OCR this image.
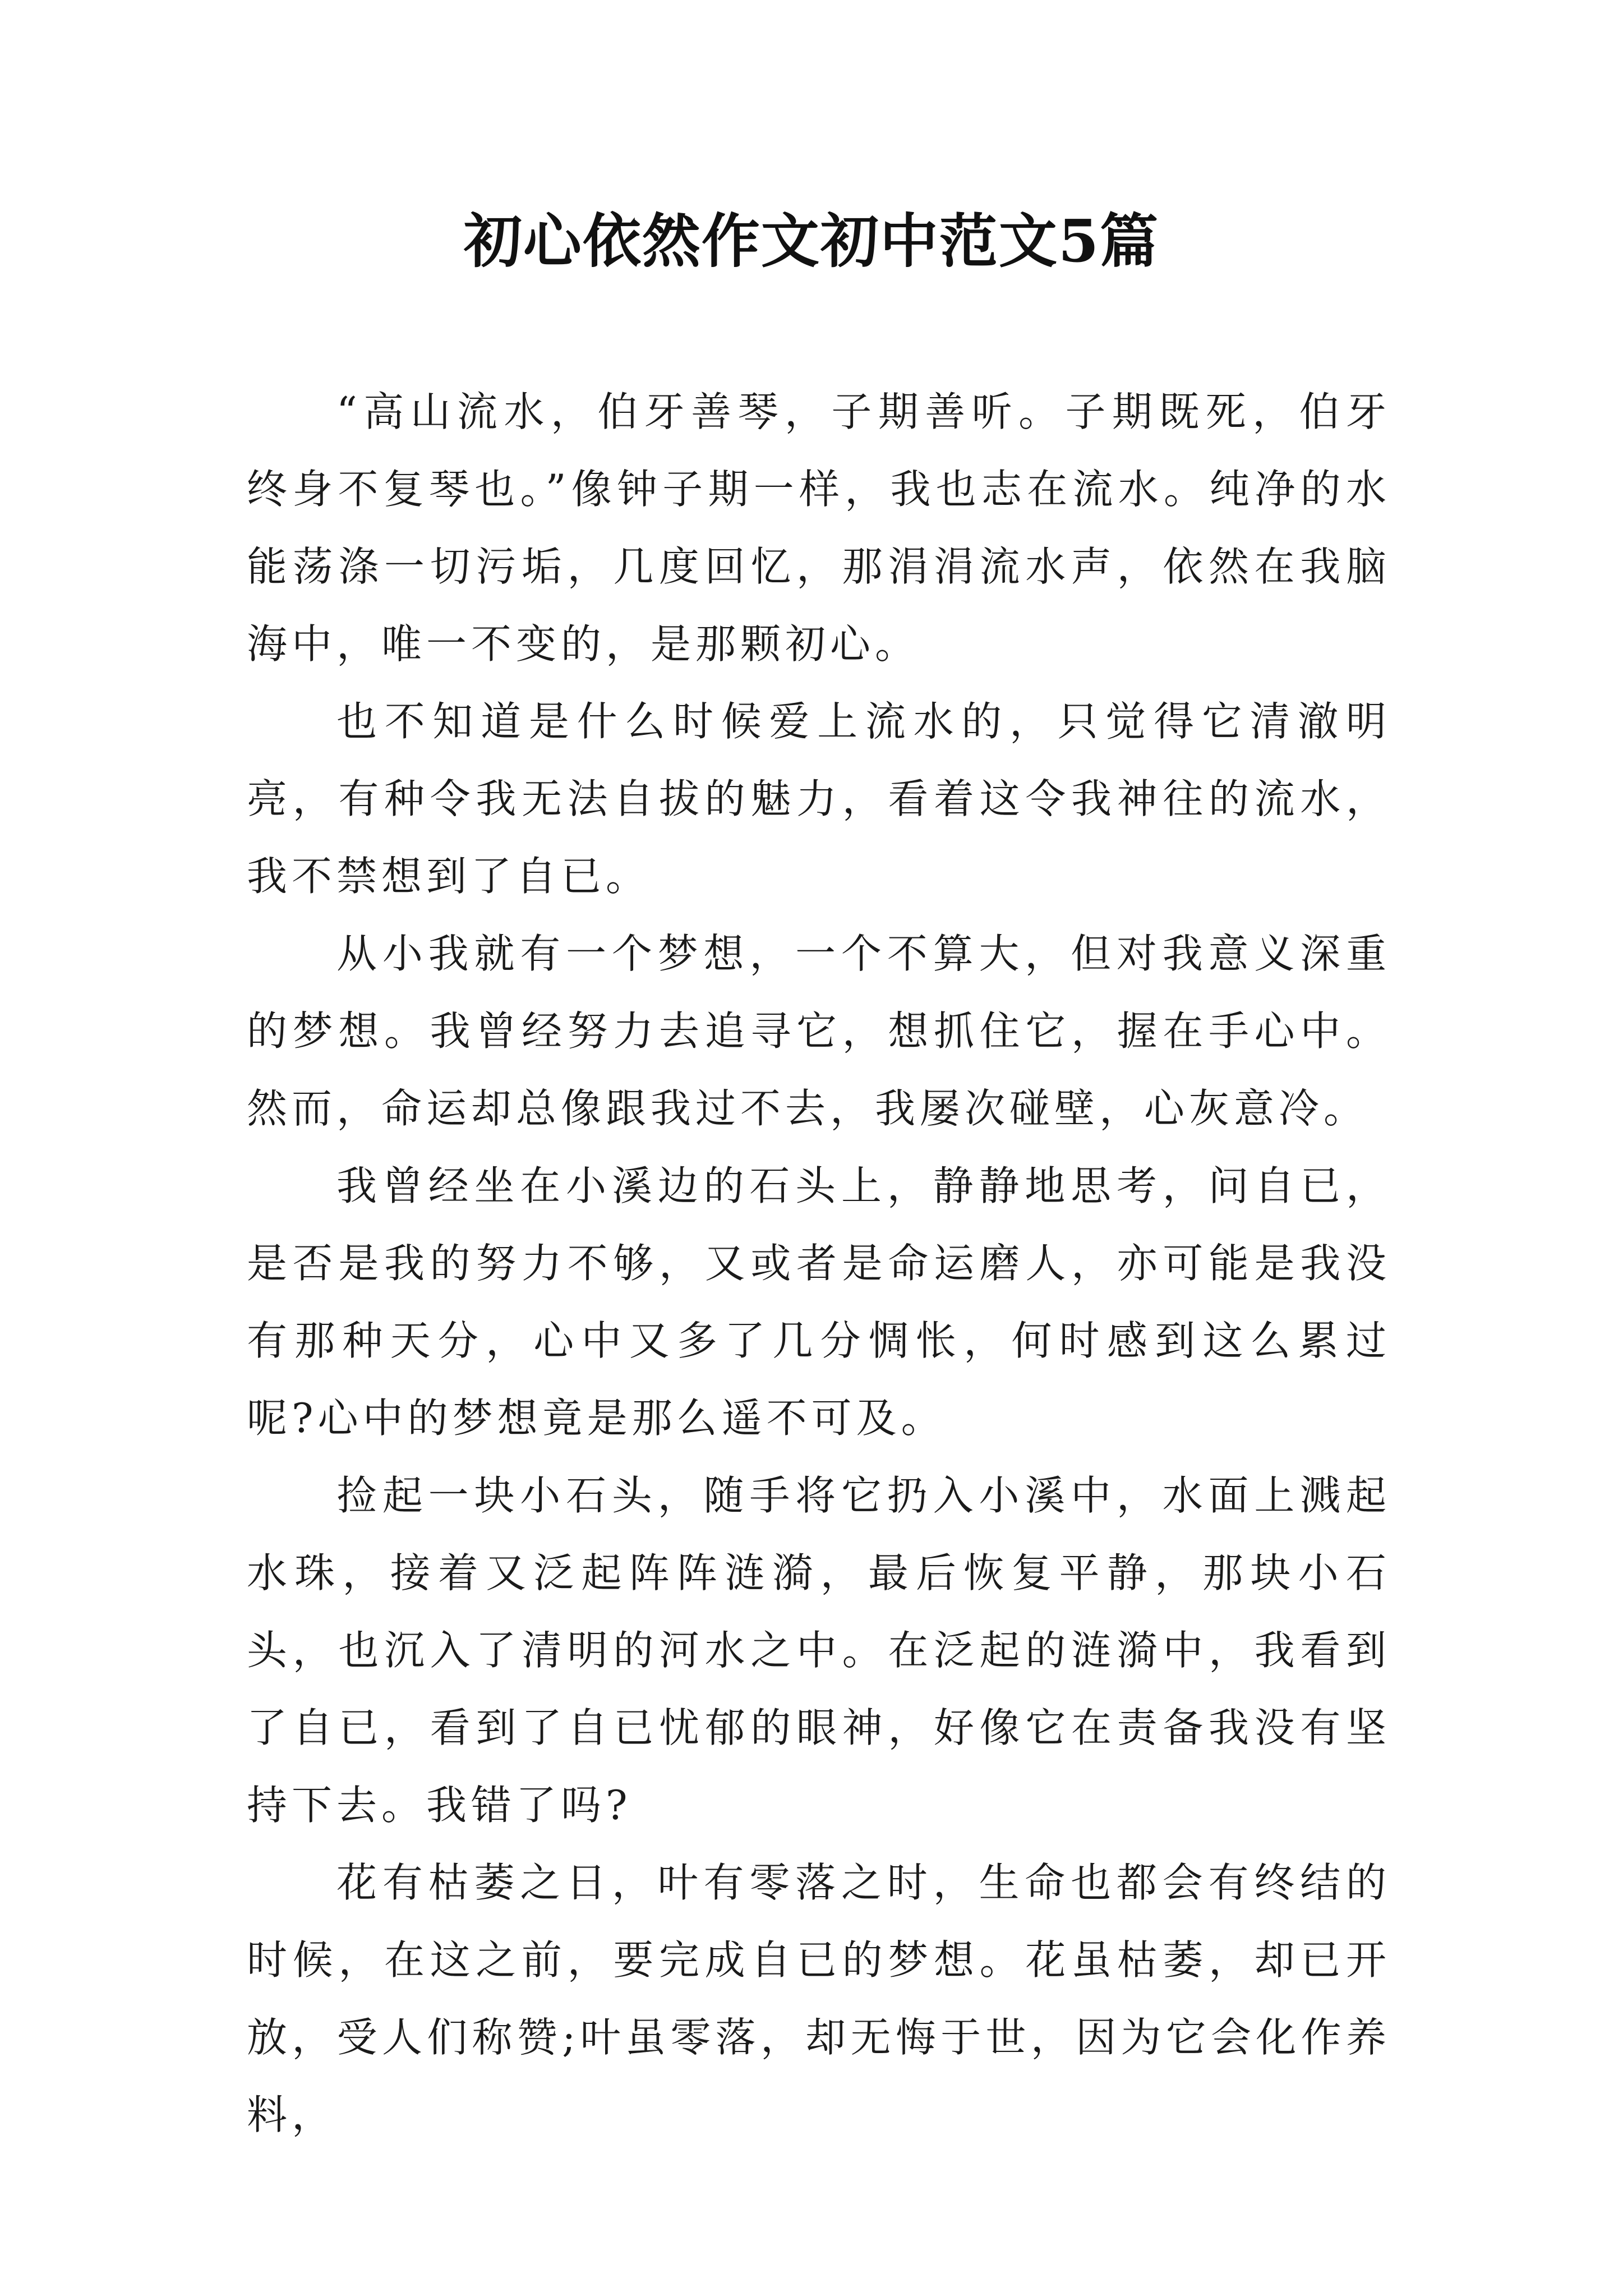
初心依然作文初中范文5篇

“高山流水，伯牙善琴，子期善听。子期既死，伯牙终身不复琴也。”像钟子期一样，我也志在流水。纯净的水能荡涤一切污垢，几度回忆，那涓涓流水声，依然在我脑海中，唯一不变的，是那颗初心。

也不知道是什么时候爱上流水的，只觉得它清澈明亮，有种令我无法自拔的魅力，看着这令我神往的流水，我不禁想到了自已。

从小我就有一个梦想，一个不算大，但对我意义深重的梦想。我曾经努力去追寻它，想抓住它，握在手心中。然而，命运却总像跟我过不去，我屡次碰壁，心灰意冷。

我曾经坐在小溪边的石头上，静静地思考，问自已，是否是我的努力不够，又或者是命运磨人，亦可能是我没有那种天分，心中又多了几分惆怅，何时感到这么累过呢?心中的梦想竟是那么遥不可及。

捡起一块小石头，随手将它扔入小溪中，水面上溅起水珠，接着又泛起阵阵涟漪，最后恢复平静，那块小石头，也沉入了清明的河水之中。在泛起的涟漪中，我看到了自已，看到了自已忧郁的眼神，好像它在责备我没有坚持下去。我错了吗?

花有枯萎之日，叶有零落之时，生命也都会有终结的时候，在这之前，要完成自已的梦想。花虽枯萎，却已开放，受人们称赞;叶虽零落，却无悔于世，因为它会化作养料，
